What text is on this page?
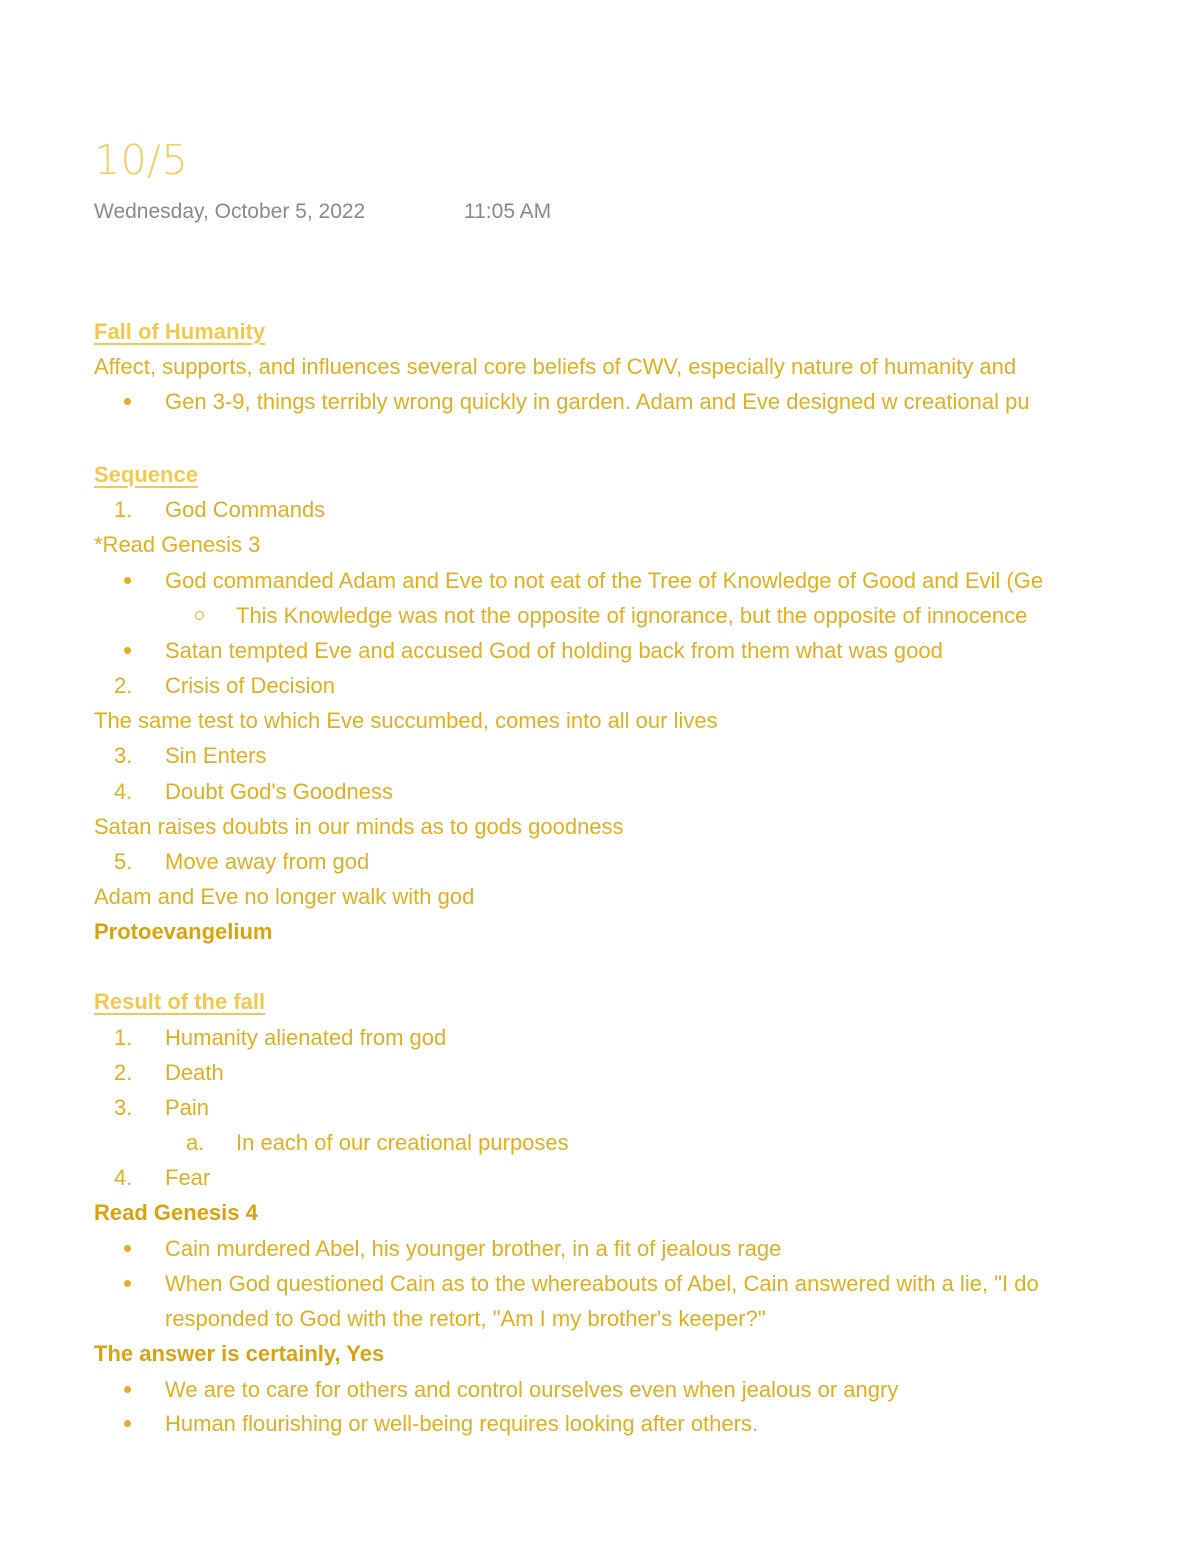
10/5
Wednesday, October 5, 2022	11:05 AM
Fall of Humanity
Affect, supports, and influences several core beliefs of CWV, especially nature of humanity and
Gen 3-9, things terribly wrong quickly in garden. Adam and Eve designed w creational pu
Sequence
1. God Commands
*Read Genesis 3
God commanded Adam and Eve to not eat of the Tree of Knowledge of Good and Evil (Ge
This Knowledge was not the opposite of ignorance, but the opposite of innocence
Satan tempted Eve and accused God of holding back from them what was good
2. Crisis of Decision
The same test to which Eve succumbed, comes into all our lives
3. Sin Enters
4. Doubt God's Goodness
Satan raises doubts in our minds as to gods goodness
5. Move away from god
Adam and Eve no longer walk with god
Protoevangelium
Result of the fall
1. Humanity alienated from god
2. Death
3. Pain
a. In each of our creational purposes
4. Fear
Read Genesis 4
Cain murdered Abel, his younger brother, in a fit of jealous rage
When God questioned Cain as to the whereabouts of Abel, Cain answered with a lie, "I do
responded to God with the retort, "Am I my brother's keeper?"
The answer is certainly, Yes
We are to care for others and control ourselves even when jealous or angry
Human flourishing or well-being requires looking after others.
